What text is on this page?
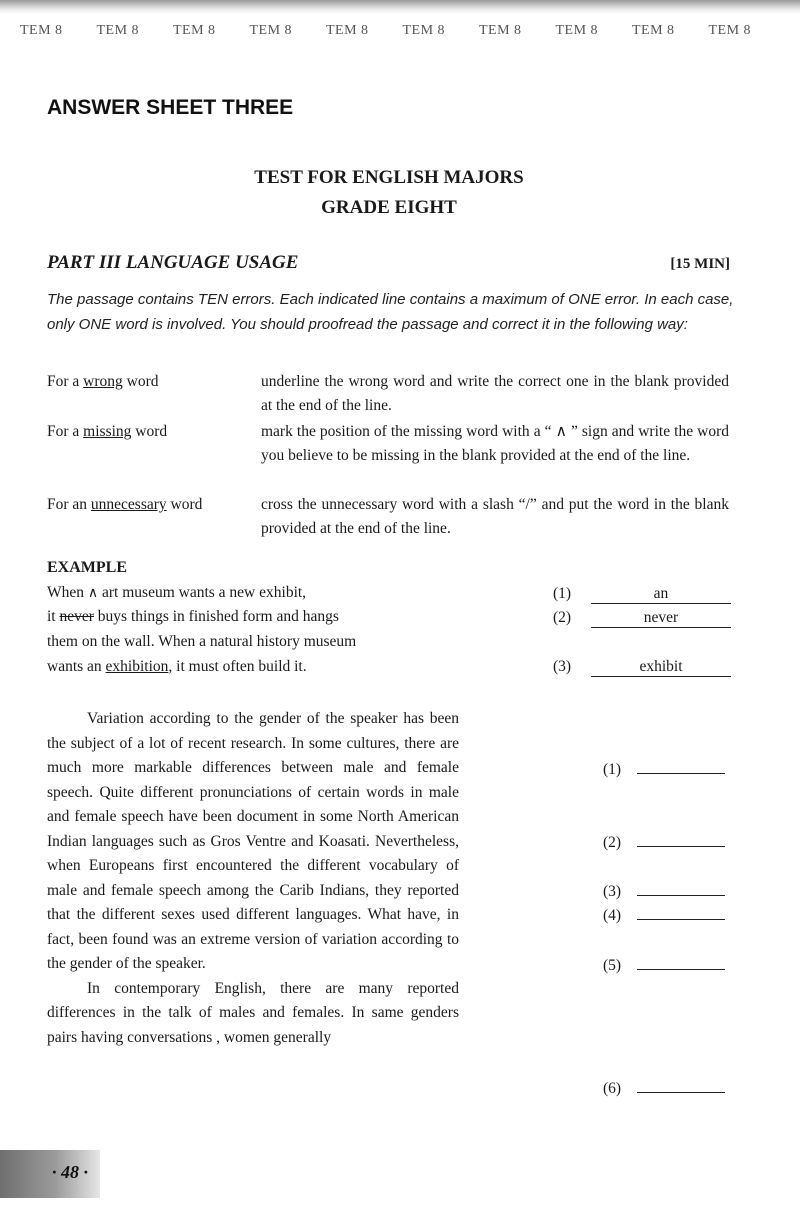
TEM 8	TEM 8	TEM 8	TEM 8	TEM 8	TEM 8	TEM 8	TEM 8	TEM 8	TEM 8
ANSWER SHEET THREE
TEST FOR ENGLISH MAJORS
GRADE EIGHT
PART III LANGUAGE USAGE	[15 MIN]
The passage contains TEN errors. Each indicated line contains a maximum of ONE error. In each case, only ONE word is involved. You should proofread the passage and correct it in the following way:
For a wrong word	underline the wrong word and write the correct one in the blank provided at the end of the line.
For a missing word	mark the position of the missing word with a “ ∧ ” sign and write the word you believe to be missing in the blank provided at the end of the line.
For an unnecessary word	cross the unnecessary word with a slash “/” and put the word in the blank provided at the end of the line.
EXAMPLE
When ∧ art museum wants a new exhibit,
it never buys things in finished form and hangs
them on the wall. When a natural history museum
wants an exhibition, it must often build it.
(1)	an
(2)	never
(3)	exhibit

Variation according to the gender of the speaker has been the subject of a lot of recent research. In some cultures, there are much more markable differences between male and female speech. Quite different pronunciations of certain words in male and female speech have been document in some North American Indian languages such as Gros Ventre and Koasati. Nevertheless, when Europeans first encountered the different vocabulary of male and female speech among the Carib Indians, they reported that the different sexes used different languages. What have, in fact, been found was an extreme version of variation according to the gender of the speaker.

In contemporary English, there are many reported differences in the talk of males and females. In same genders pairs having conversations , women generally

(1)
(2)
(3)
(4)
(5)
(6)
· 48 ·
